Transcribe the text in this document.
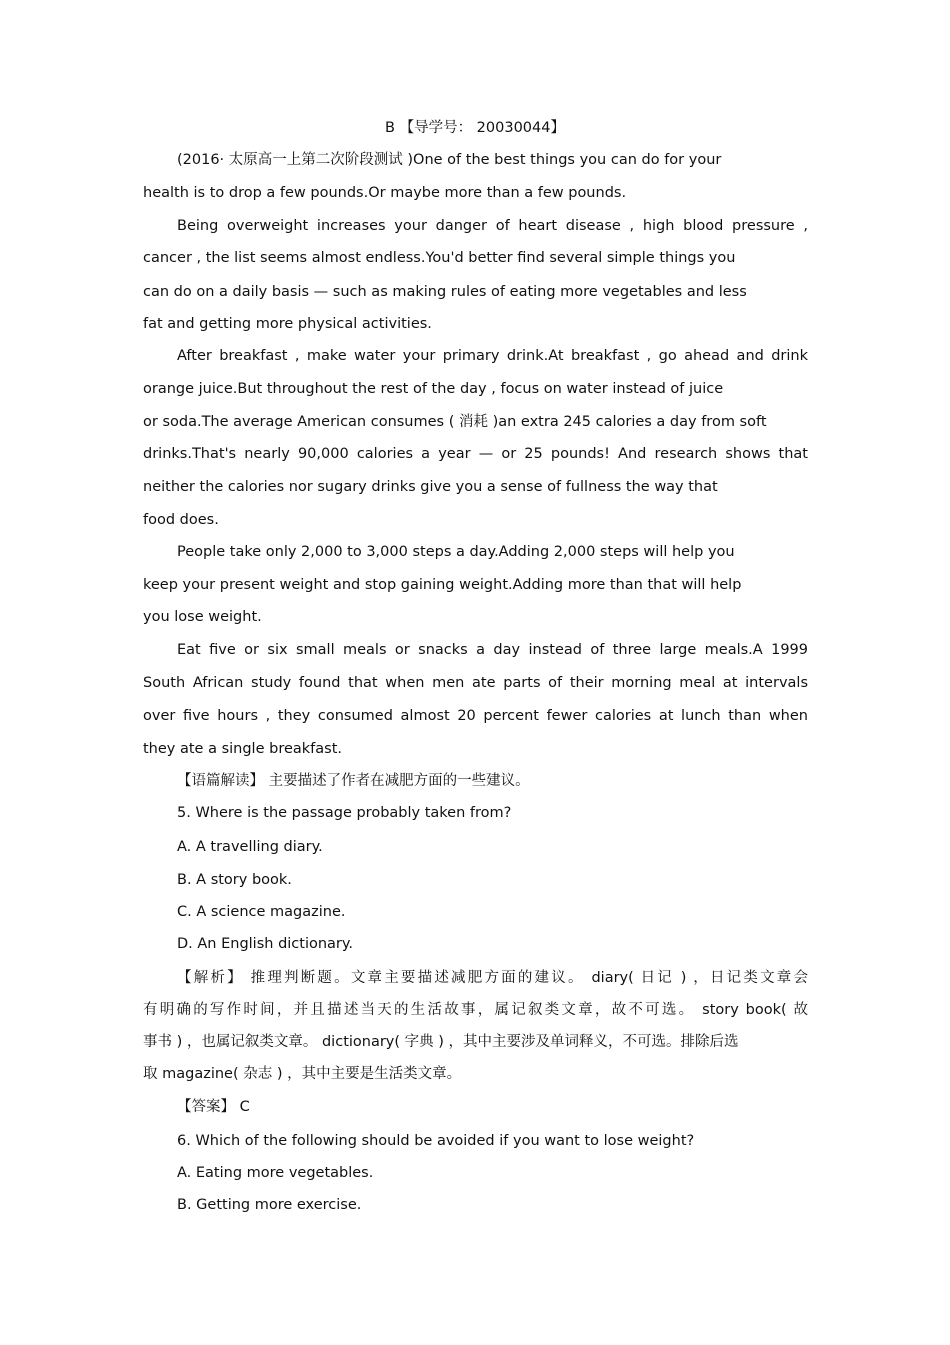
B 【导学号： 20030044】
(2016· 太原高一上第二次阶段测试 )One of the best things you can do for your
health is to drop a few pounds.Or maybe more than a few pounds.
Being overweight increases your danger of heart disease , high blood pressure ,
cancer , the list seems almost endless.You'd better find several simple things you
can do on a daily basis — such as making rules of eating more vegetables and less
fat and getting more physical activities.
After breakfast , make water your primary drink.At breakfast , go ahead and drink
orange juice.But throughout the rest of the day , focus on water instead of juice
or soda.The average American consumes ( 消耗 )an extra 245 calories a day from soft
drinks.That's nearly 90,000 calories a year — or 25 pounds! And research shows that
neither the calories nor sugary drinks give you a sense of fullness the way that
food does.
People take only 2,000 to 3,000 steps a day.Adding 2,000 steps will help you
keep your present weight and stop gaining weight.Adding more than that will help
you lose weight.
Eat five or six small meals or snacks a day instead of three large meals.A 1999
South African study found that when men ate parts of their morning meal at intervals
over five hours , they consumed almost 20 percent fewer calories at lunch than when
they ate a single breakfast.
【语篇解读】 主要描述了作者在减肥方面的一些建议。
5. Where is the passage probably taken from?
A. A travelling diary.
B. A story book.
C. A science magazine.
D. An English dictionary.
【解析】 推理判断题。文章主要描述减肥方面的建议。 diary( 日记 ) ，日记类文章会
有明确的写作时间，并且描述当天的生活故事，属记叙类文章，故不可选。 story book( 故
事书 ) ，也属记叙类文章。 dictionary( 字典 ) ，其中主要涉及单词释义，不可选。排除后选
取 magazine( 杂志 ) ，其中主要是生活类文章。
【答案】 C
6. Which of the following should be avoided if you want to lose weight?
A. Eating more vegetables.
B. Getting more exercise.
